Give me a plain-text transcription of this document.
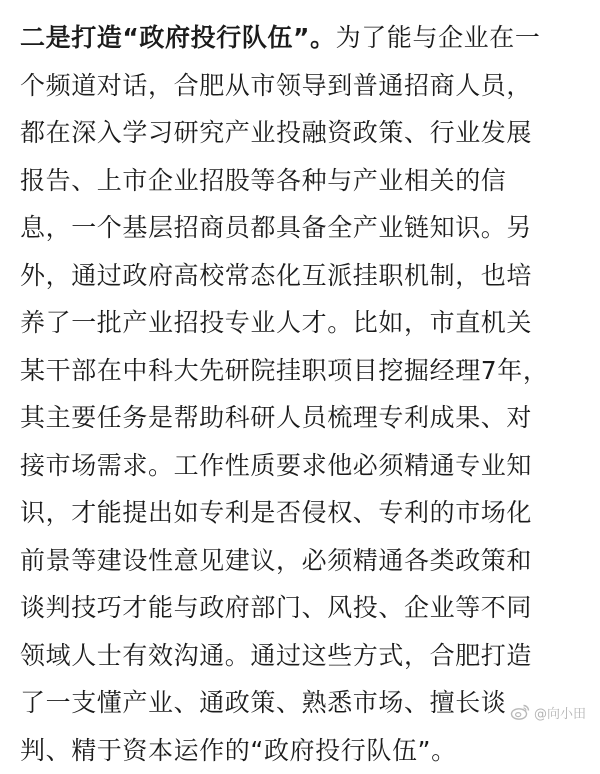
二是打造“政府投行队伍”。为了能与企业在一
个频道对话，合肥从市领导到普通招商人员，
都在深入学习研究产业投融资政策、行业发展
报告、上市企业招股等各种与产业相关的信
息，一个基层招商员都具备全产业链知识。另
外，通过政府高校常态化互派挂职机制，也培
养了一批产业招投专业人才。比如，市直机关
某干部在中科大先研院挂职项目挖掘经理7年，
其主要任务是帮助科研人员梳理专利成果、对
接市场需求。工作性质要求他必须精通专业知
识，才能提出如专利是否侵权、专利的市场化
前景等建设性意见建议，必须精通各类政策和
谈判技巧才能与政府部门、风投、企业等不同
领域人士有效沟通。通过这些方式，合肥打造
了一支懂产业、通政策、熟悉市场、擅长谈
判、精于资本运作的“政府投行队伍”。
@向小田
